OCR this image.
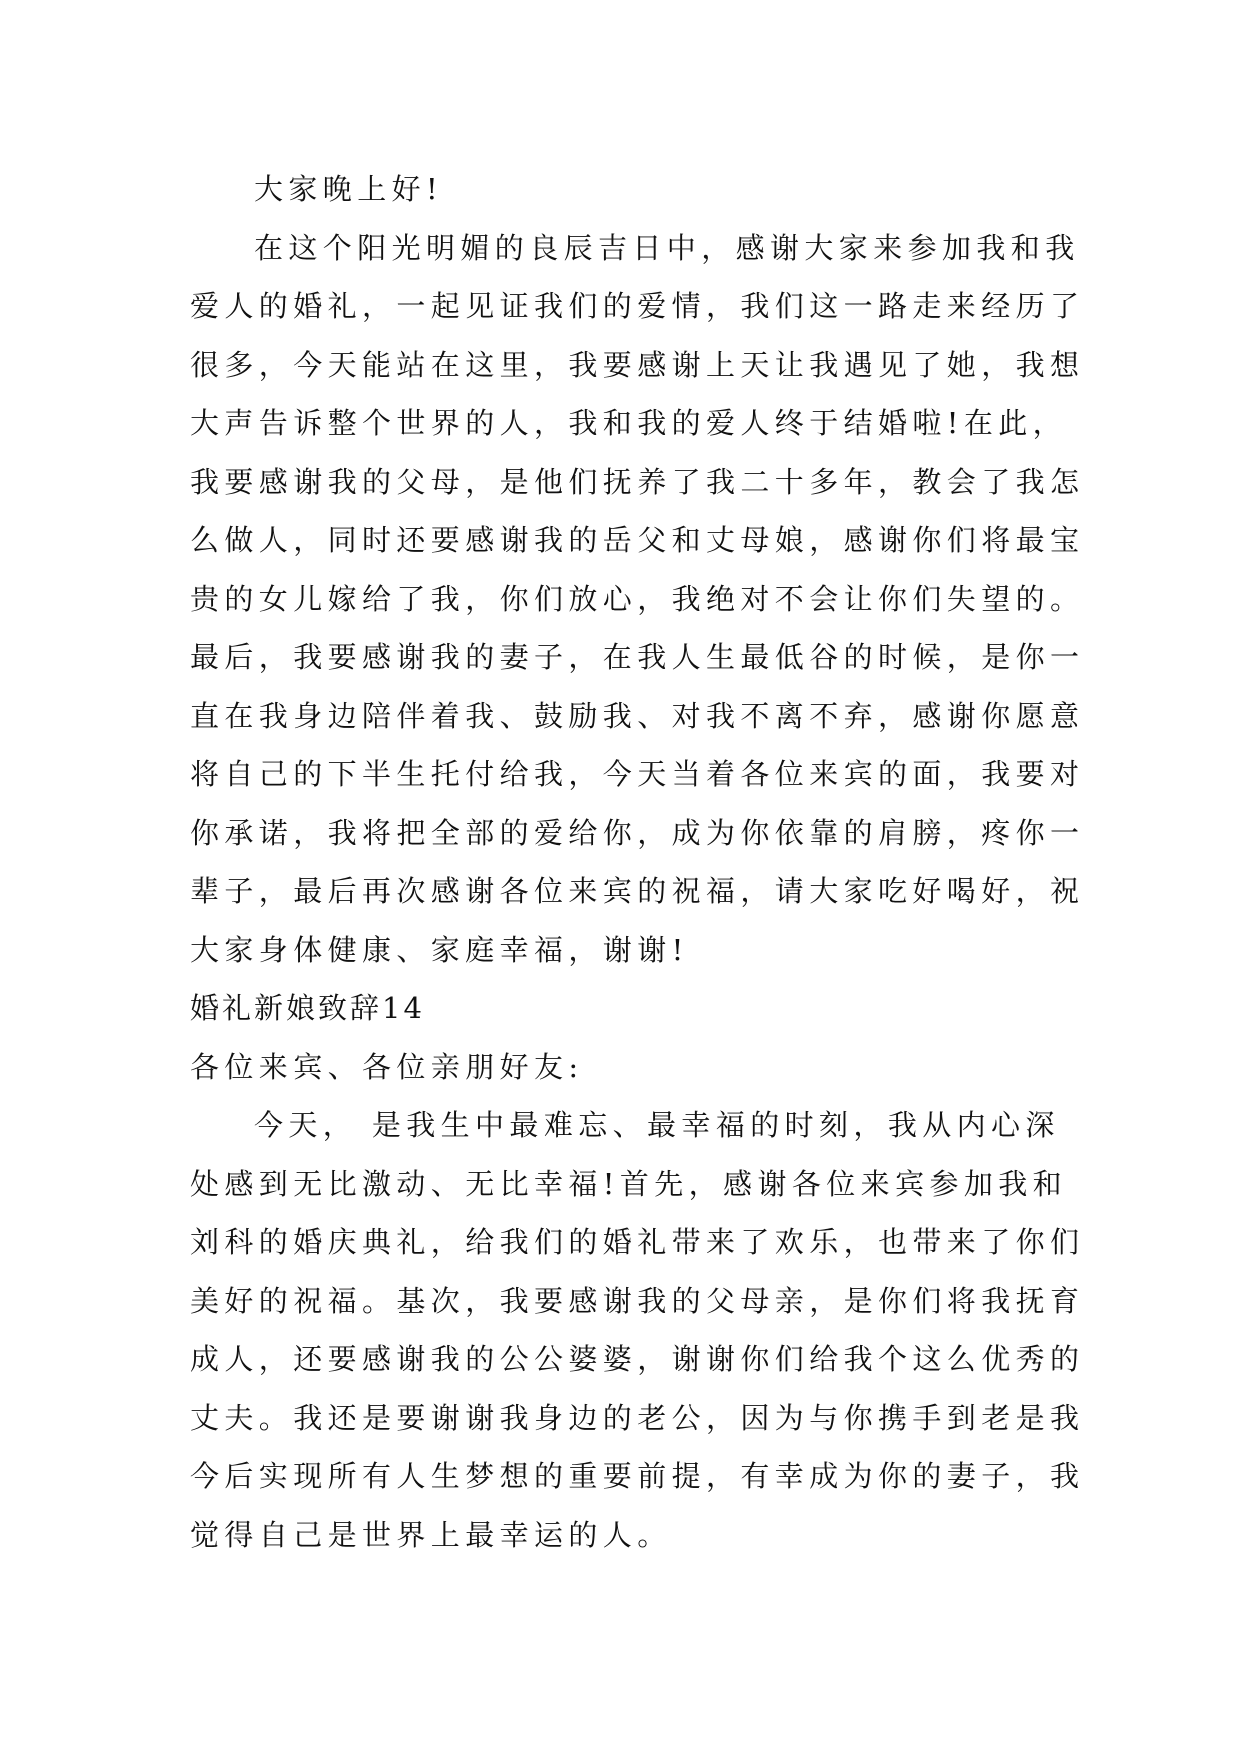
大家晚上好!

在这个阳光明媚的良辰吉日中，感谢大家来参加我和我

爱人的婚礼，一起见证我们的爱情，我们这一路走来经历了

很多，今天能站在这里，我要感谢上天让我遇见了她，我想

大声告诉整个世界的人，我和我的爱人终于结婚啦!在此，

我要感谢我的父母，是他们抚养了我二十多年，教会了我怎

么做人，同时还要感谢我的岳父和丈母娘，感谢你们将最宝

贵的女儿嫁给了我，你们放心，我绝对不会让你们失望的。

最后，我要感谢我的妻子，在我人生最低谷的时候，是你一

直在我身边陪伴着我、鼓励我、对我不离不弃，感谢你愿意

将自己的下半生托付给我，今天当着各位来宾的面，我要对

你承诺，我将把全部的爱给你，成为你依靠的肩膀，疼你一

辈子，最后再次感谢各位来宾的祝福，请大家吃好喝好，祝

大家身体健康、家庭幸福，谢谢!

婚礼新娘致辞14

各位来宾、各位亲朋好友:

今天， 是我生中最难忘、最幸福的时刻，我从内心深

处感到无比激动、无比幸福!首先，感谢各位来宾参加我和

刘科的婚庆典礼，给我们的婚礼带来了欢乐，也带来了你们

美好的祝福。基次，我要感谢我的父母亲，是你们将我抚育

成人，还要感谢我的公公婆婆，谢谢你们给我个这么优秀的

丈夫。我还是要谢谢我身边的老公，因为与你携手到老是我

今后实现所有人生梦想的重要前提，有幸成为你的妻子，我

觉得自己是世界上最幸运的人。
